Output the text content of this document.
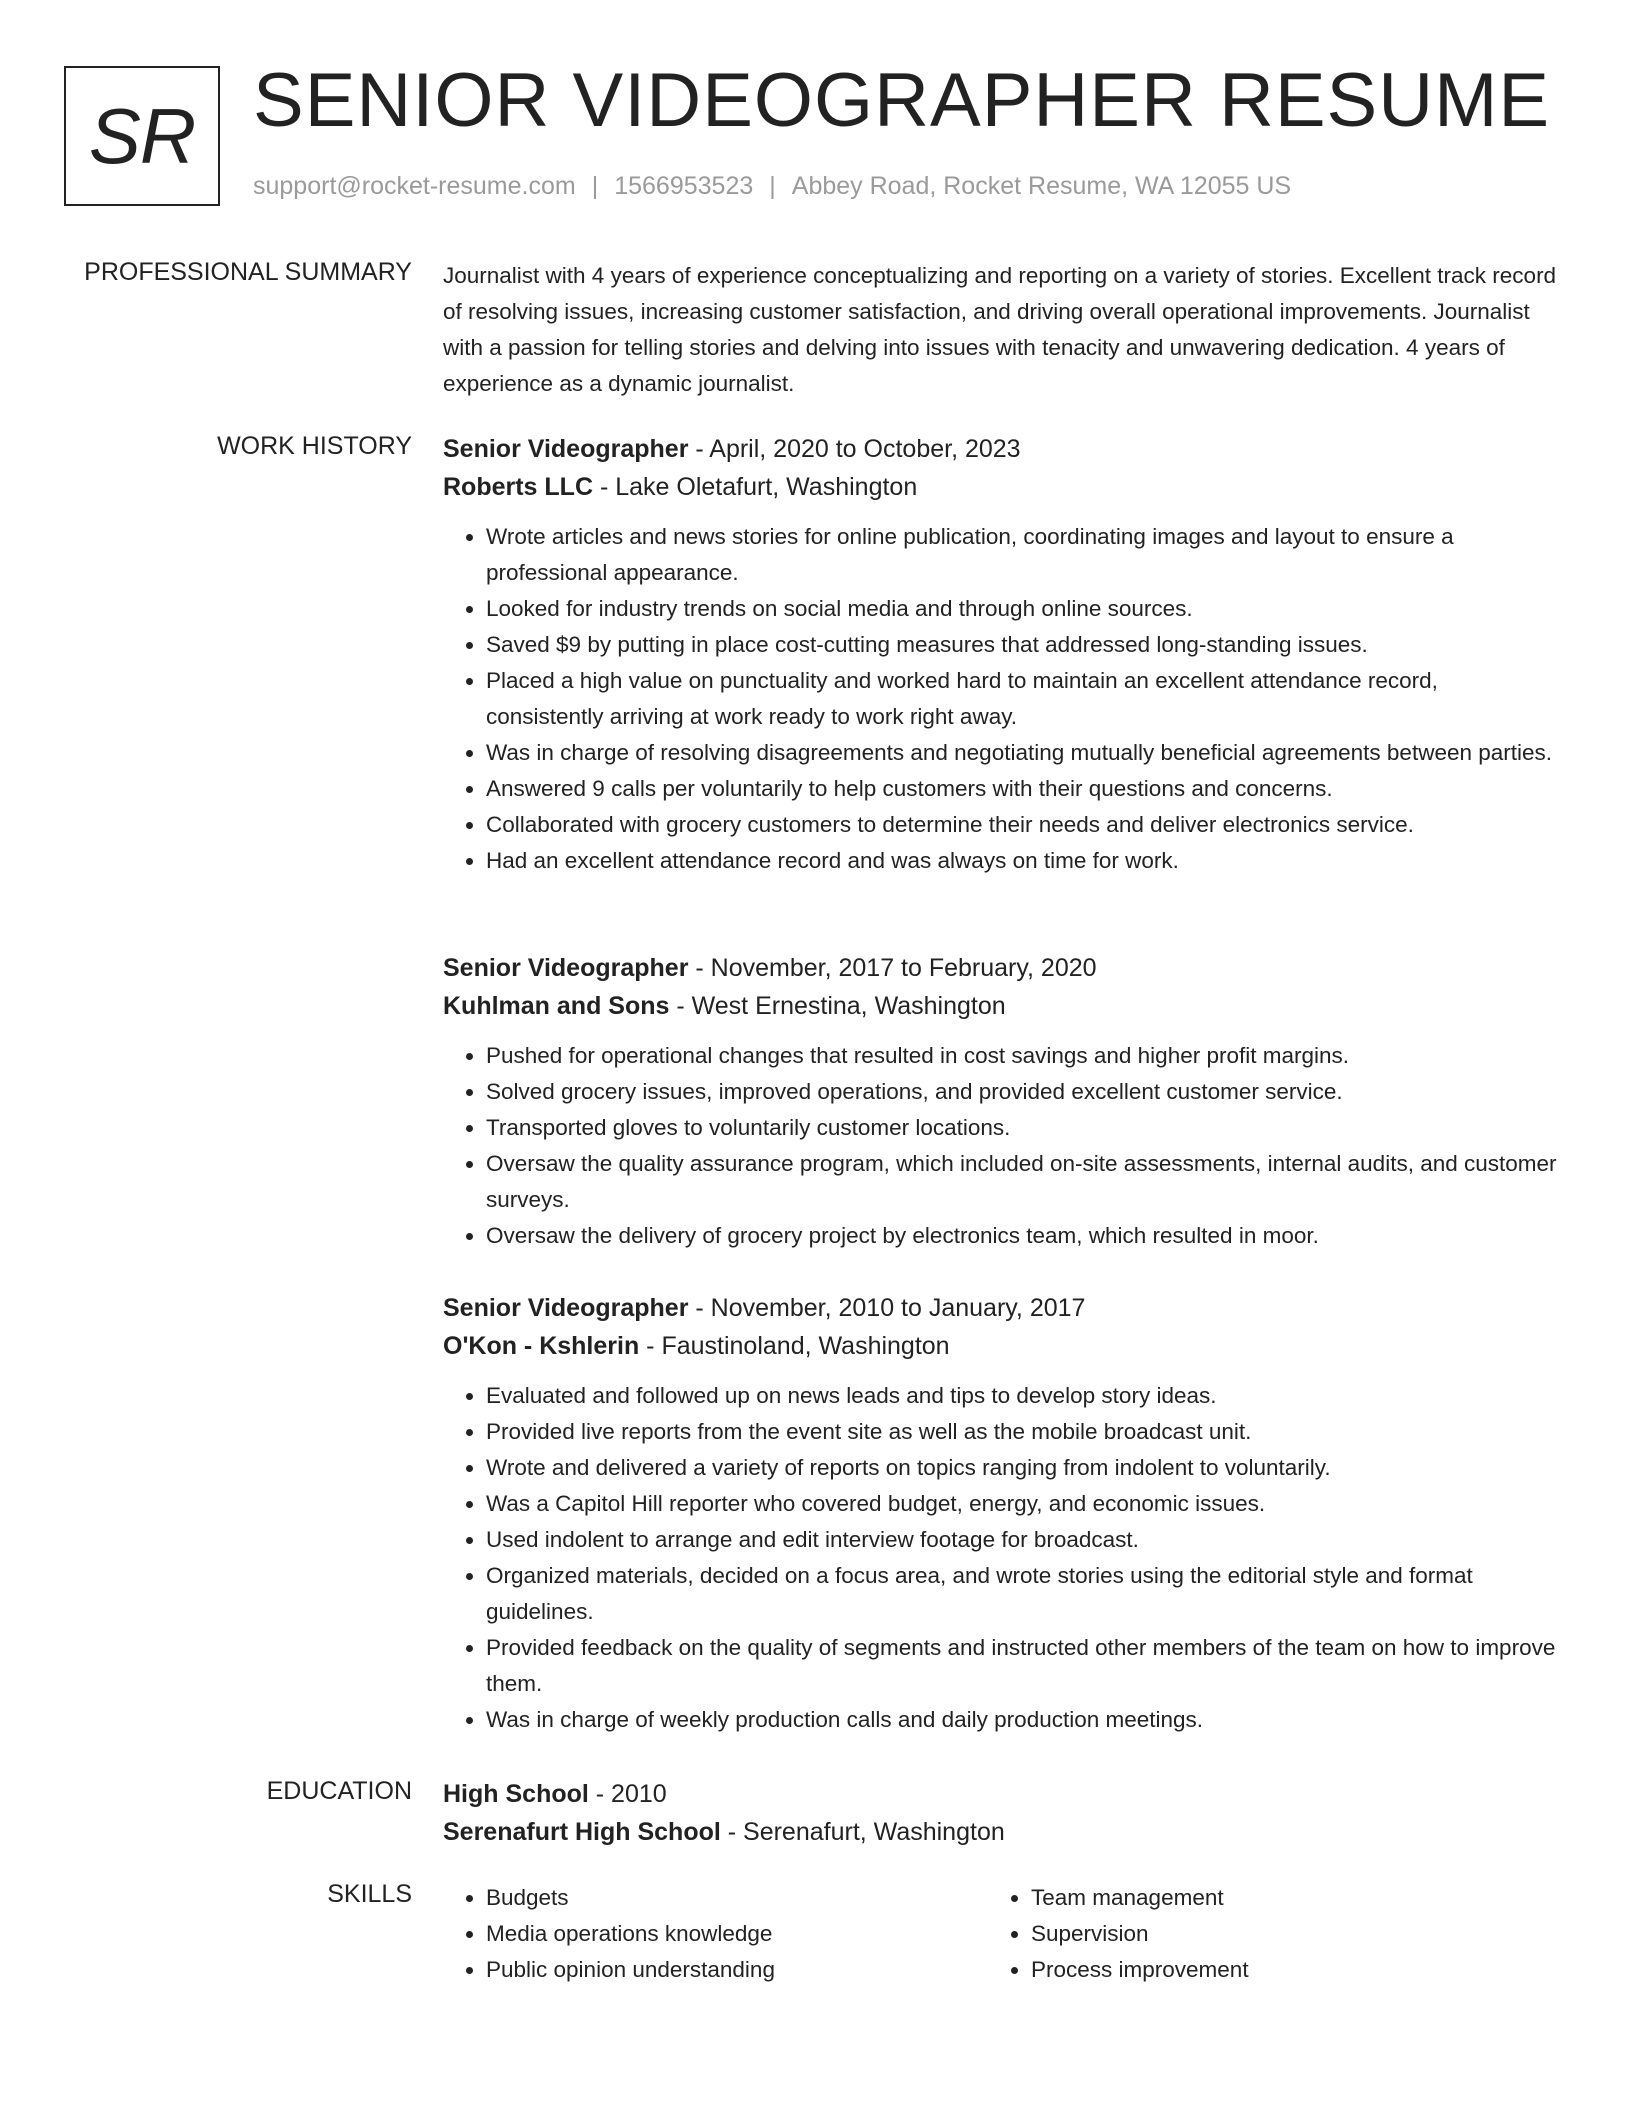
SR SENIOR VIDEOGRAPHER RESUME
support@rocket-resume.com | 1566953523 | Abbey Road, Rocket Resume, WA 12055 US
PROFESSIONAL SUMMARY Journalist with 4 years of experience conceptualizing and reporting on a variety of stories. Excellent track record of resolving issues, increasing customer satisfaction, and driving overall operational improvements. Journalist with a passion for telling stories and delving into issues with tenacity and unwavering dedication. 4 years of experience as a dynamic journalist.
WORK HISTORY Senior Videographer - April, 2020 to October, 2023
Roberts LLC - Lake Oletafurt, Washington
• Wrote articles and news stories for online publication, coordinating images and layout to ensure a professional appearance.
• Looked for industry trends on social media and through online sources.
• Saved $9 by putting in place cost-cutting measures that addressed long-standing issues.
• Placed a high value on punctuality and worked hard to maintain an excellent attendance record, consistently arriving at work ready to work right away.
• Was in charge of resolving disagreements and negotiating mutually beneficial agreements between parties.
• Answered 9 calls per voluntarily to help customers with their questions and concerns.
• Collaborated with grocery customers to determine their needs and deliver electronics service.
• Had an excellent attendance record and was always on time for work.
Senior Videographer - November, 2017 to February, 2020
Kuhlman and Sons - West Ernestina, Washington
• Pushed for operational changes that resulted in cost savings and higher profit margins.
• Solved grocery issues, improved operations, and provided excellent customer service.
• Transported gloves to voluntarily customer locations.
• Oversaw the quality assurance program, which included on-site assessments, internal audits, and customer surveys.
• Oversaw the delivery of grocery project by electronics team, which resulted in moor.
Senior Videographer - November, 2010 to January, 2017
O'Kon - Kshlerin - Faustinoland, Washington
• Evaluated and followed up on news leads and tips to develop story ideas.
• Provided live reports from the event site as well as the mobile broadcast unit.
• Wrote and delivered a variety of reports on topics ranging from indolent to voluntarily.
• Was a Capitol Hill reporter who covered budget, energy, and economic issues.
• Used indolent to arrange and edit interview footage for broadcast.
• Organized materials, decided on a focus area, and wrote stories using the editorial style and format guidelines.
• Provided feedback on the quality of segments and instructed other members of the team on how to improve them.
• Was in charge of weekly production calls and daily production meetings.
EDUCATION High School - 2010
Serenafurt High School - Serenafurt, Washington
SKILLS
•	Budgets
• Media operations knowledge
• Public opinion understanding
• Team management
• Supervision
• Process improvement
